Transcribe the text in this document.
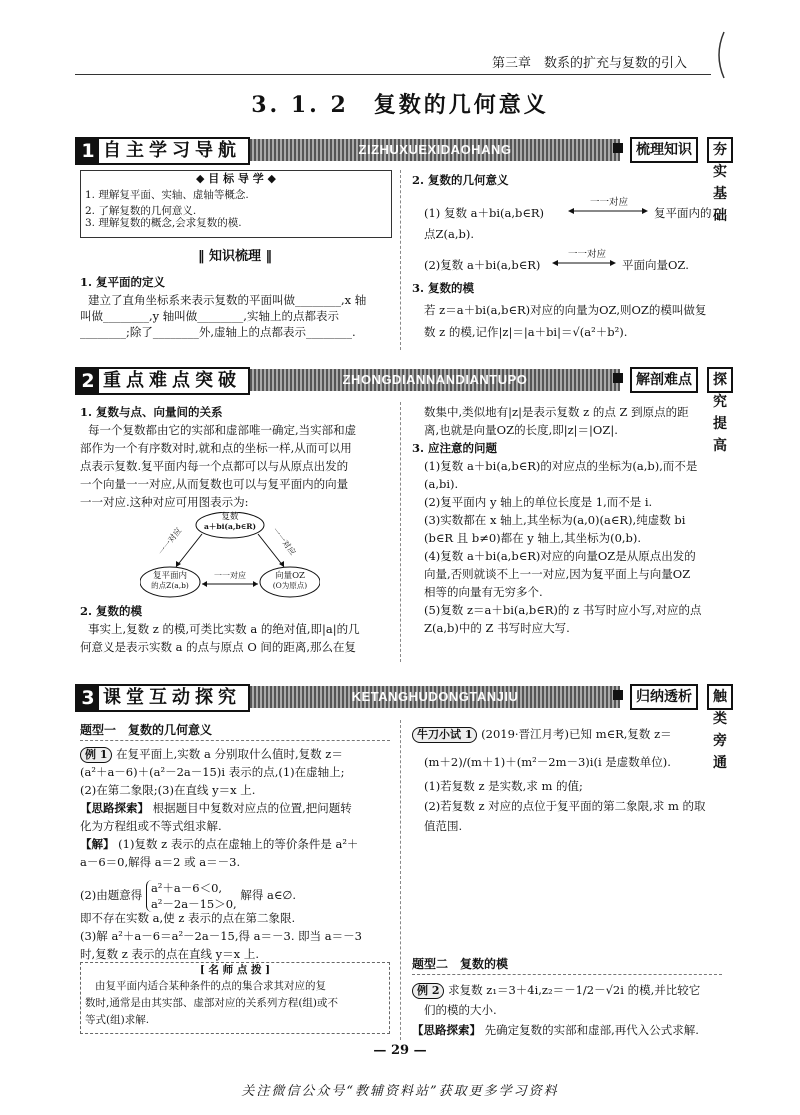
第三章　数系的扩充与复数的引入
3. 1. 2　复数的几何意义
1 自主学习导航	ZIZHUXUEXIDAOHANG	梳理知识	夯实基础
◆ 目 标 导 学 ◆
1. 理解复平面、实轴、虚轴等概念.
2. 了解复数的几何意义.
3. 理解复数的概念,会求复数的模.
‖ 知识梳理 ‖
1. 复平面的定义
建立了直角坐标系来表示复数的平面叫做________,x 轴
叫做________,y 轴叫做________,实轴上的点都表示
________;除了________外,虚轴上的点都表示________.
2. 复数的几何意义
(1) 复数 a＋bi(a,b∈R)
一一对应
复平面内的
点Z(a,b).
(2)复数 a＋bi(a,b∈R)
一一对应
平面向量OZ.
3. 复数的模
若 z＝a＋bi(a,b∈R)对应的向量为OZ,则OZ的模叫做复
数 z 的模,记作|z|＝|a＋bi|＝√(a²＋b²).
2 重点难点突破	ZHONGDIANNANDIANTUPO	解剖难点	探究提高
1. 复数与点、向量间的关系
每一个复数都由它的实部和虚部唯一确定,当实部和虚
部作为一个有序数对时,就和点的坐标一样,从而可以用
点表示复数.复平面内每一个点都可以与从原点出发的
一个向量一一对应,从而复数也可以与复平面内的向量
一一对应.这种对应可用图表示为:
复数
a＋bi(a,b∈R)
复平面内
的点Z(a,b)
向量OZ
(O为原点)
一一对应
一一对应	一一对应
2. 复数的模
事实上,复数 z 的模,可类比实数 a 的绝对值,即|a|的几
何意义是表示实数 a 的点与原点 O 间的距离,那么在复
数集中,类似地有|z|是表示复数 z 的点 Z 到原点的距
离,也就是向量OZ的长度,即|z|＝|OZ|.
3. 应注意的问题
(1)复数 a＋bi(a,b∈R)的对应点的坐标为(a,b),而不是
(a,bi).
(2)复平面内 y 轴上的单位长度是 1,而不是 i.
(3)实数都在 x 轴上,其坐标为(a,0)(a∈R),纯虚数 bi
(b∈R 且 b≠0)都在 y 轴上,其坐标为(0,b).
(4)复数 a＋bi(a,b∈R)对应的向量OZ是从原点出发的
向量,否则就谈不上一一对应,因为复平面上与向量OZ
相等的向量有无穷多个.
(5)复数 z＝a＋bi(a,b∈R)的 z 书写时应小写,对应的点
Z(a,b)中的 Z 书写时应大写.
3 课堂互动探究	KETANGHUDONGTANJIU	归纳透析	触类旁通
题型一　复数的几何意义
例 1 在复平面上,实数 a 分别取什么值时,复数 z＝
(a²＋a－6)＋(a²－2a－15)i 表示的点,(1)在虚轴上;
(2)在第二象限;(3)在直线 y＝x 上.
【思路探索】 根据题目中复数对应点的位置,把问题转
化为方程组或不等式组求解.
【解】 (1)复数 z 表示的点在虚轴上的等价条件是 a²＋
a－6＝0,解得 a＝2 或 a＝－3.
(2)由题意得 a²＋a－6＜0,
a²－2a－15＞0,
解得 a∈∅.
即不存在实数 a,使 z 表示的点在第二象限.
(3)解 a²＋a－6＝a²－2a－15,得 a＝－3. 即当 a＝－3
时,复数 z 表示的点在直线 y＝x 上.
[ 名 师 点 拨 ]
由复平面内适合某种条件的点的集合求其对应的复
数时,通常是由其实部、虚部对应的关系列方程(组)或不
等式(组)求解.
牛刀小试 1 (2019·晋江月考)已知 m∈R,复数 z＝
(m＋2)/(m＋1)＋(m²－2m－3)i(i 是虚数单位).
(1)若复数 z 是实数,求 m 的值;
(2)若复数 z 对应的点位于复平面的第二象限,求 m 的取
值范围.
题型二　复数的模
例 2 求复数 z₁＝3＋4i,z₂＝－1/2－√2i 的模,并比较它
们的模的大小.
【思路探索】 先确定复数的实部和虚部,再代入公式求解.
— 29 —
关注微信公众号“教辅资料站”获取更多学习资料
